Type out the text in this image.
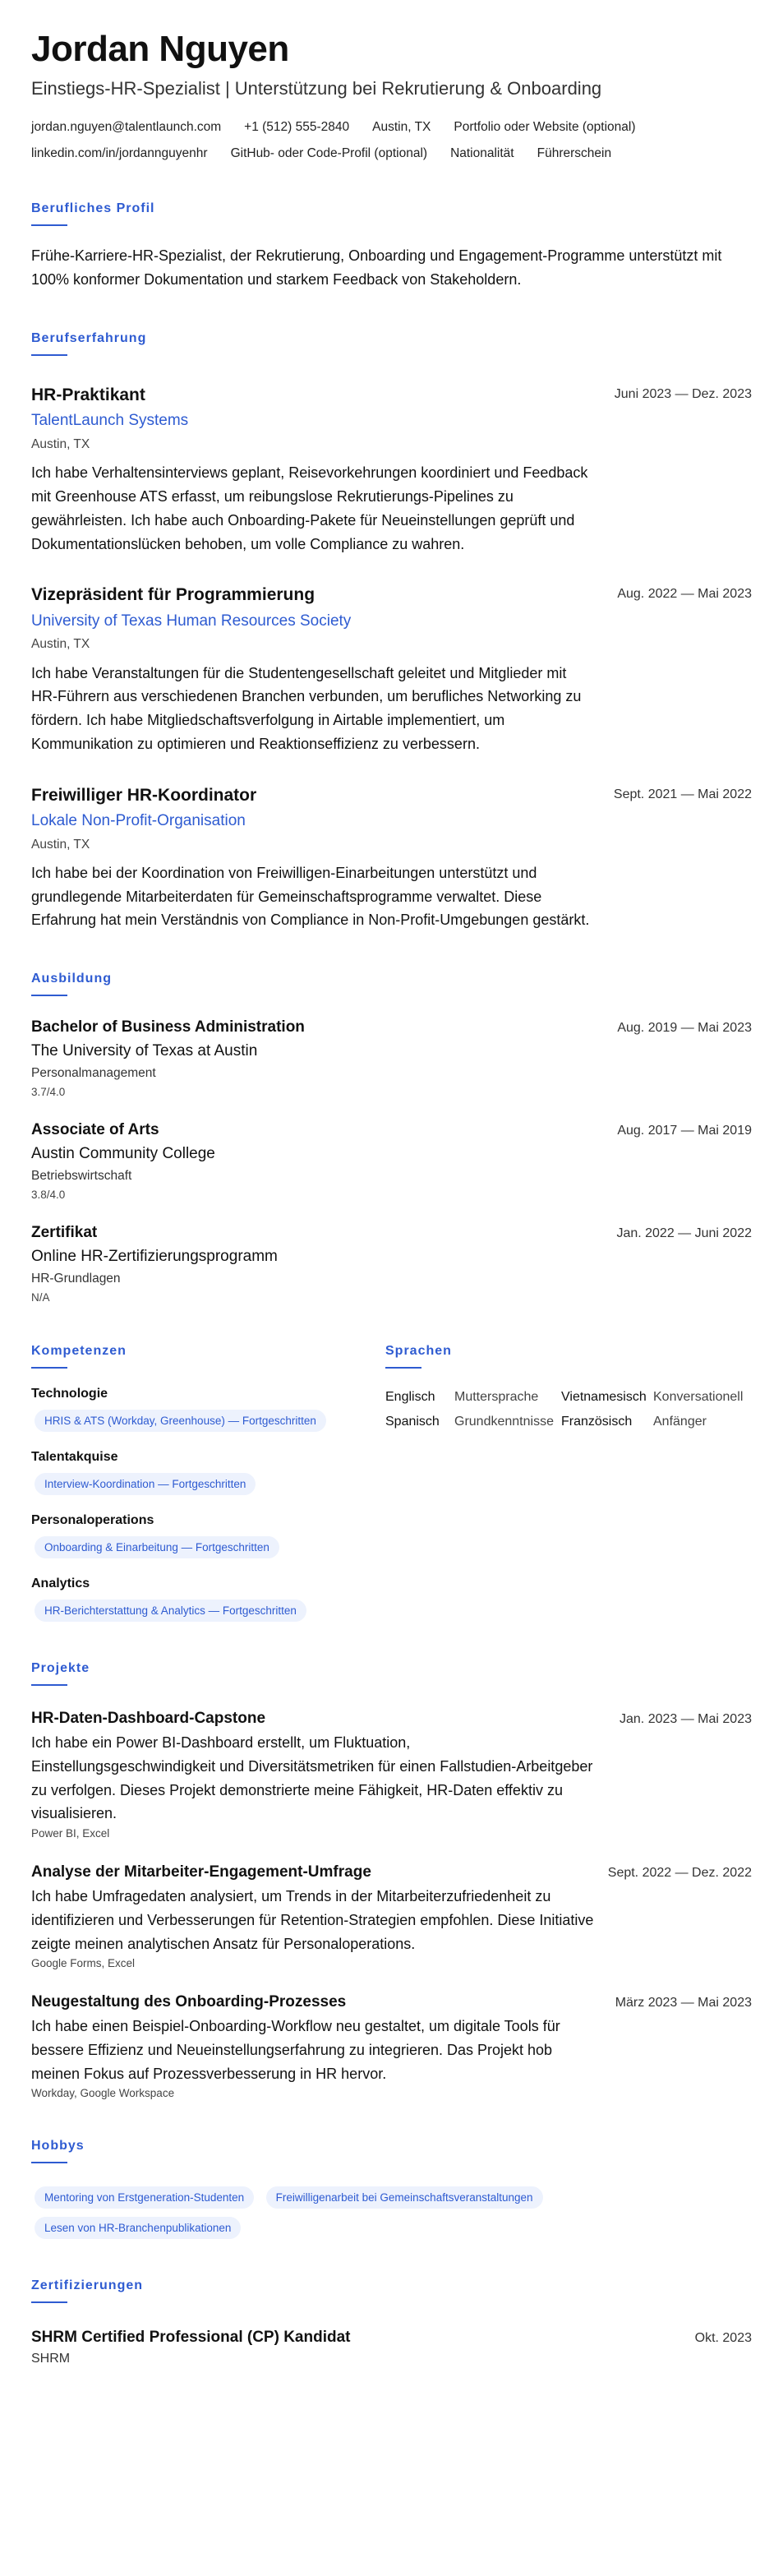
Jordan Nguyen
Einstiegs-HR-Spezialist | Unterstützung bei Rekrutierung & Onboarding
jordan.nguyen@talentlaunch.com +1 (512) 555-2840 Austin, TX Portfolio oder Website (optional)
linkedin.com/in/jordannguyenhr GitHub- oder Code-Profil (optional) Nationalität Führerschein
Berufliches Profil
Frühe-Karriere-HR-Spezialist, der Rekrutierung, Onboarding und Engagement-Programme unterstützt mit 100% konformer Dokumentation und starkem Feedback von Stakeholdern.
Berufserfahrung
Juni 2023 — Dez. 2023
HR-Praktikant
TalentLaunch Systems
Austin, TX
Ich habe Verhaltensinterviews geplant, Reisevorkehrungen koordiniert und Feedback mit Greenhouse ATS erfasst, um reibungslose Rekrutierungs-Pipelines zu gewährleisten. Ich habe auch Onboarding-Pakete für Neueinstellungen geprüft und Dokumentationslücken behoben, um volle Compliance zu wahren.
Aug. 2022 — Mai 2023
Vizepräsident für Programmierung
University of Texas Human Resources Society
Austin, TX
Ich habe Veranstaltungen für die Studentengesellschaft geleitet und Mitglieder mit HR-Führern aus verschiedenen Branchen verbunden, um berufliches Networking zu fördern. Ich habe Mitgliedschaftsverfolgung in Airtable implementiert, um Kommunikation zu optimieren und Reaktionseffizienz zu verbessern.
Sept. 2021 — Mai 2022
Freiwilliger HR-Koordinator
Lokale Non-Profit-Organisation
Austin, TX
Ich habe bei der Koordination von Freiwilligen-Einarbeitungen unterstützt und grundlegende Mitarbeiterdaten für Gemeinschaftsprogramme verwaltet. Diese Erfahrung hat mein Verständnis von Compliance in Non-Profit-Umgebungen gestärkt.
Ausbildung
Aug. 2019 — Mai 2023
Bachelor of Business Administration
The University of Texas at Austin
Personalmanagement
3.7/4.0
Aug. 2017 — Mai 2019
Associate of Arts
Austin Community College
Betriebswirtschaft
3.8/4.0
Jan. 2022 — Juni 2022
Zertifikat
Online HR-Zertifizierungsprogramm
HR-Grundlagen
N/A
Kompetenzen
Technologie
HRIS & ATS (Workday, Greenhouse) — Fortgeschritten
Talentakquise
Interview-Koordination — Fortgeschritten
Personaloperations
Onboarding & Einarbeitung — Fortgeschritten
Analytics
HR-Berichterstattung & Analytics — Fortgeschritten
Sprachen
Englisch	Muttersprache	Vietnamesisch Konversationell
Spanisch	Grundkenntnisse Französisch	Anfänger
Projekte
Jan. 2023 — Mai 2023
HR-Daten-Dashboard-Capstone
Ich habe ein Power BI-Dashboard erstellt, um Fluktuation, Einstellungsgeschwindigkeit und Diversitätsmetriken für einen Fallstudien-Arbeitgeber zu verfolgen. Dieses Projekt demonstrierte meine Fähigkeit, HR-Daten effektiv zu visualisieren.
Power BI, Excel
Sept. 2022 — Dez. 2022
Analyse der Mitarbeiter-Engagement-Umfrage
Ich habe Umfragedaten analysiert, um Trends in der Mitarbeiterzufriedenheit zu identifizieren und Verbesserungen für Retention-Strategien empfohlen. Diese Initiative zeigte meinen analytischen Ansatz für Personaloperations.
Google Forms, Excel
März 2023 — Mai 2023
Neugestaltung des Onboarding-Prozesses
Ich habe einen Beispiel-Onboarding-Workflow neu gestaltet, um digitale Tools für bessere Effizienz und Neueinstellungserfahrung zu integrieren. Das Projekt hob meinen Fokus auf Prozessverbesserung in HR hervor.
Workday, Google Workspace
Hobbys
Mentoring von Erstgeneration-Studenten	Freiwilligenarbeit bei Gemeinschaftsveranstaltungen Lesen von HR-Branchenpublikationen
Zertifizierungen
Okt. 2023
SHRM Certified Professional (CP) Kandidat
SHRM
